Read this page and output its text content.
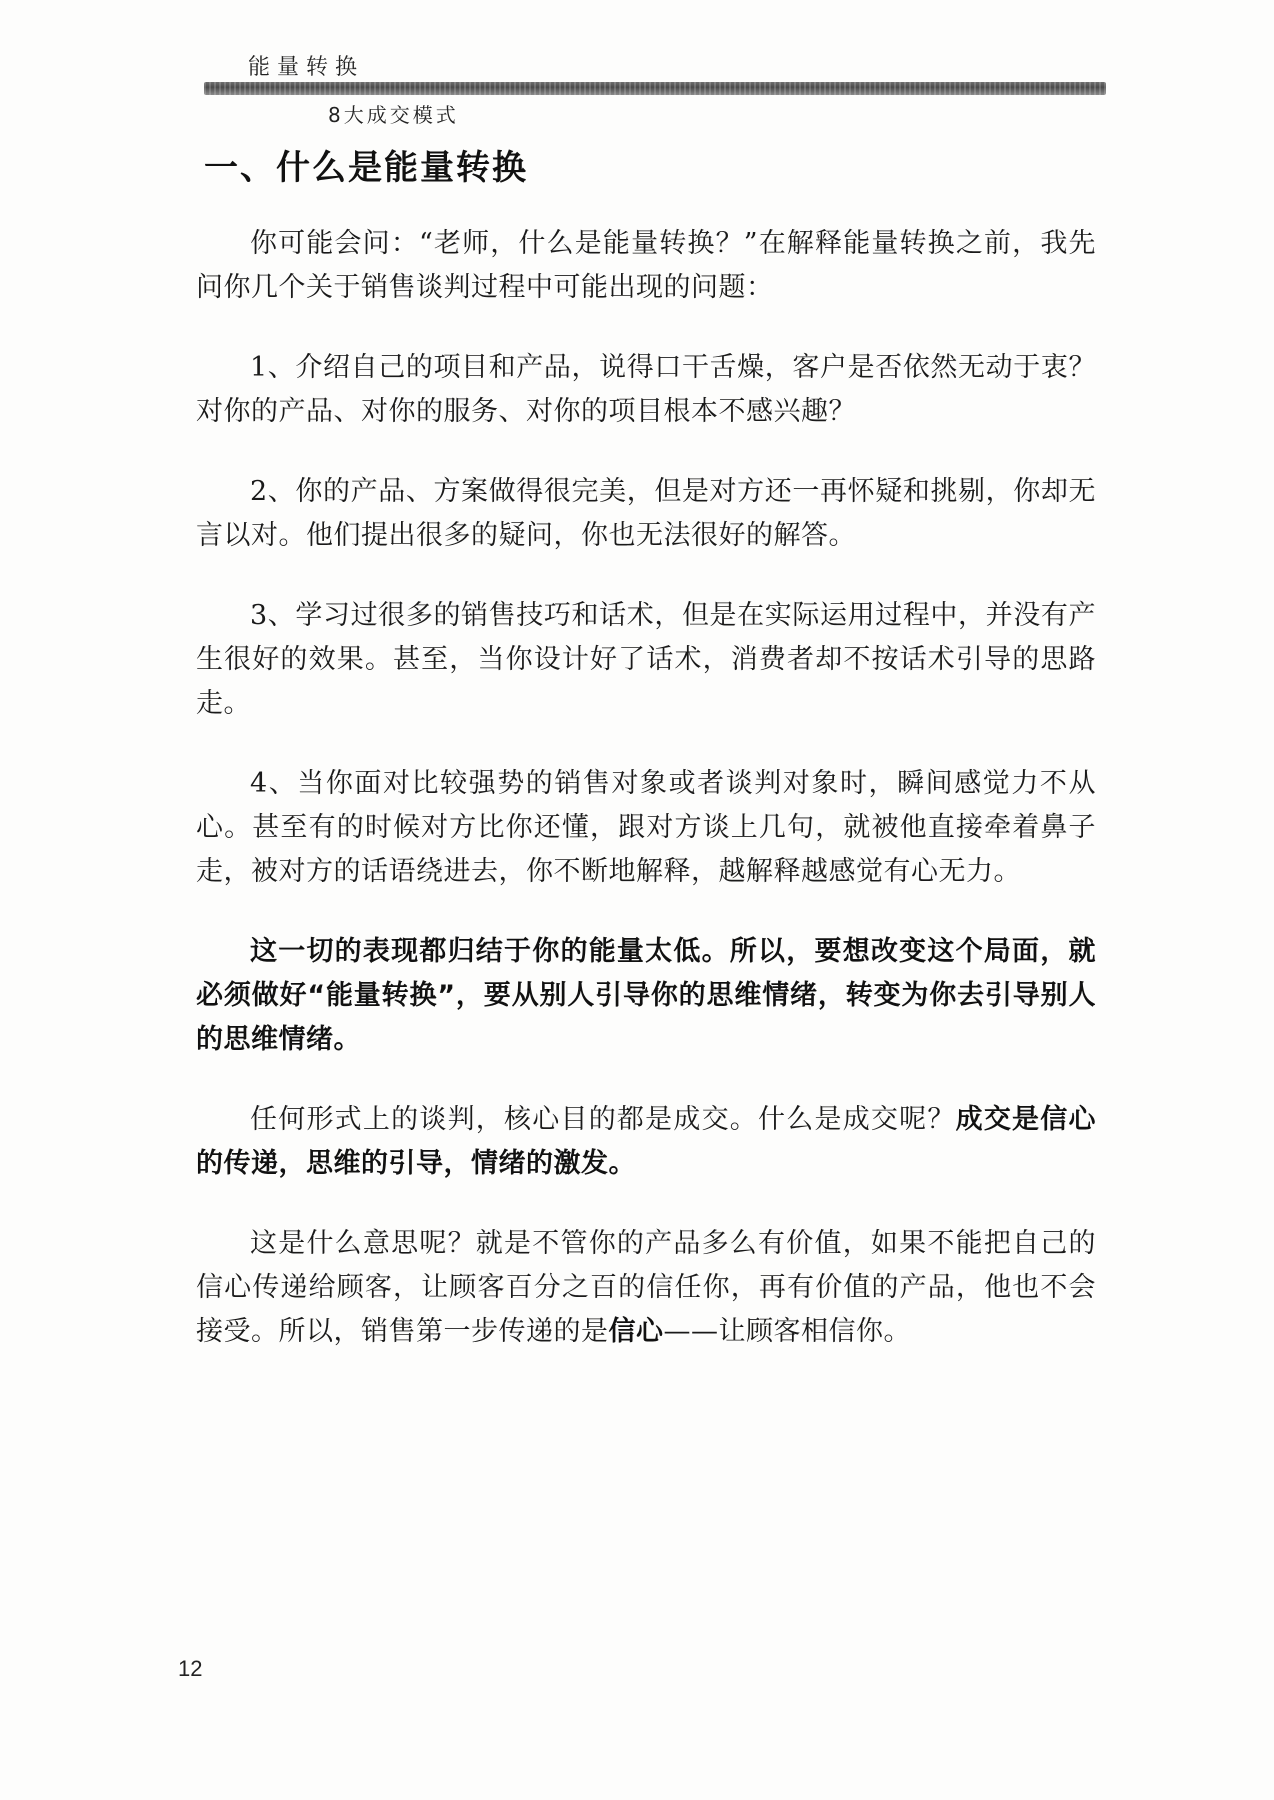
能量转换
8大成交模式
一、什么是能量转换

你可能会问：“老师，什么是能量转换？”在解释能量转换之前，我先问你几个关于销售谈判过程中可能出现的问题：

1、介绍自己的项目和产品，说得口干舌燥，客户是否依然无动于衷？对你的产品、对你的服务、对你的项目根本不感兴趣？

2、你的产品、方案做得很完美，但是对方还一再怀疑和挑剔，你却无言以对。他们提出很多的疑问，你也无法很好的解答。

3、学习过很多的销售技巧和话术，但是在实际运用过程中，并没有产生很好的效果。甚至，当你设计好了话术，消费者却不按话术引导的思路走。

4、当你面对比较强势的销售对象或者谈判对象时，瞬间感觉力不从心。甚至有的时候对方比你还懂，跟对方谈上几句，就被他直接牵着鼻子走，被对方的话语绕进去，你不断地解释，越解释越感觉有心无力。

这一切的表现都归结于你的能量太低。所以，要想改变这个局面，就必须做好“能量转换”，要从别人引导你的思维情绪，转变为你去引导别人的思维情绪。

任何形式上的谈判，核心目的都是成交。什么是成交呢？成交是信心的传递，思维的引导，情绪的激发。

这是什么意思呢？就是不管你的产品多么有价值，如果不能把自己的信心传递给顾客，让顾客百分之百的信任你，再有价值的产品，他也不会接受。所以，销售第一步传递的是信心——让顾客相信你。

12
